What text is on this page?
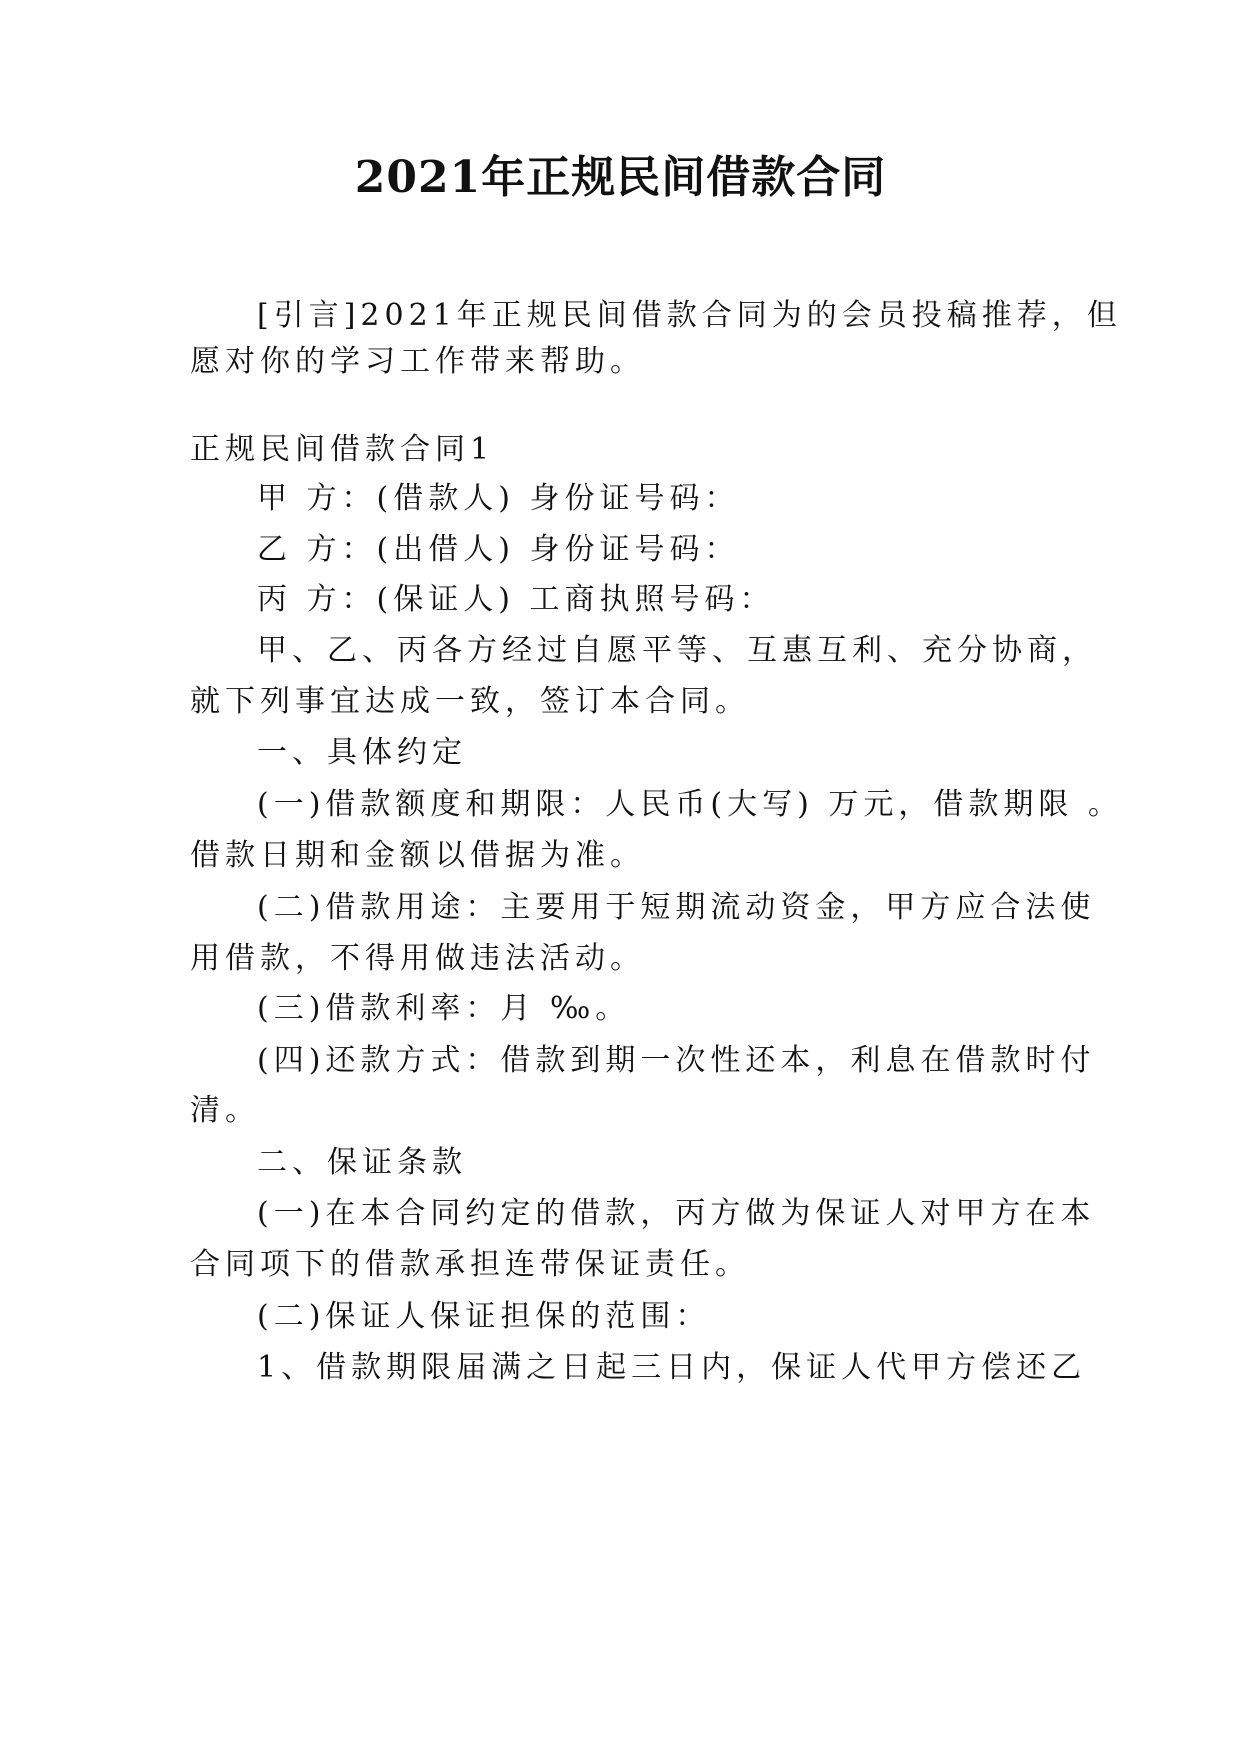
2021年正规民间借款合同
[引言]2021年正规民间借款合同为的会员投稿推荐，但
愿对你的学习工作带来帮助。
正规民间借款合同1
甲 方：(借款人) 身份证号码：
乙 方：(出借人) 身份证号码：
丙 方：(保证人) 工商执照号码：
甲、乙、丙各方经过自愿平等、互惠互利、充分协商，
就下列事宜达成一致，签订本合同。
一、具体约定
(一)借款额度和期限：人民币(大写) 万元，借款期限 。
借款日期和金额以借据为准。
(二)借款用途：主要用于短期流动资金，甲方应合法使
用借款，不得用做违法活动。
(三)借款利率：月 ‰。
(四)还款方式：借款到期一次性还本，利息在借款时付
清。
二、保证条款
(一)在本合同约定的借款，丙方做为保证人对甲方在本
合同项下的借款承担连带保证责任。
(二)保证人保证担保的范围：
1、借款期限届满之日起三日内，保证人代甲方偿还乙
